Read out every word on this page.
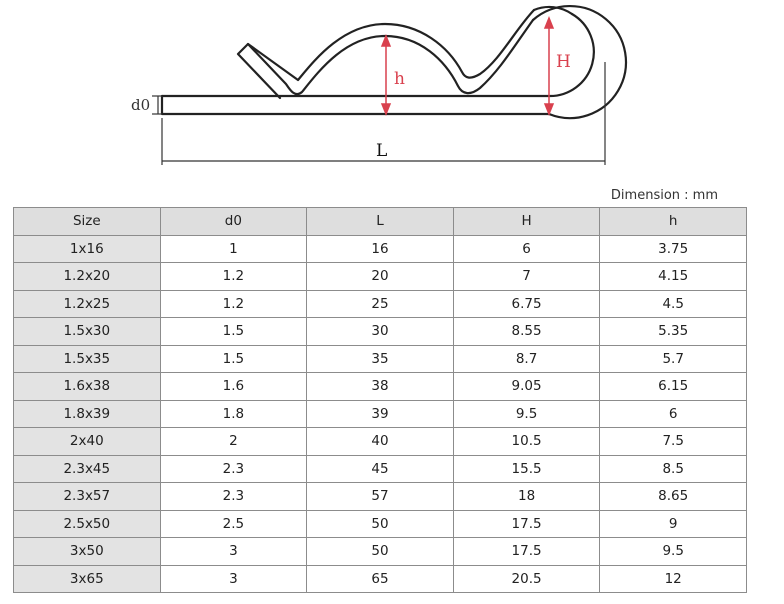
d0
L
H
h
Dimension : mm
Size	d0	L	H	h
1x16	1	16	6	3.75
1.2x20	1.2	20	7	4.15
1.2x25	1.2	25	6.75	4.5
1.5x30	1.5	30	8.55	5.35
1.5x35	1.5	35	8.7	5.7
1.6x38	1.6	38	9.05	6.15
1.8x39	1.8	39	9.5	6
2x40	2	40	10.5	7.5
2.3x45	2.3	45	15.5	8.5
2.3x57	2.3	57	18	8.65
2.5x50	2.5	50	17.5	9
3x50	3	50	17.5	9.5
3x65	3	65	20.5	12
